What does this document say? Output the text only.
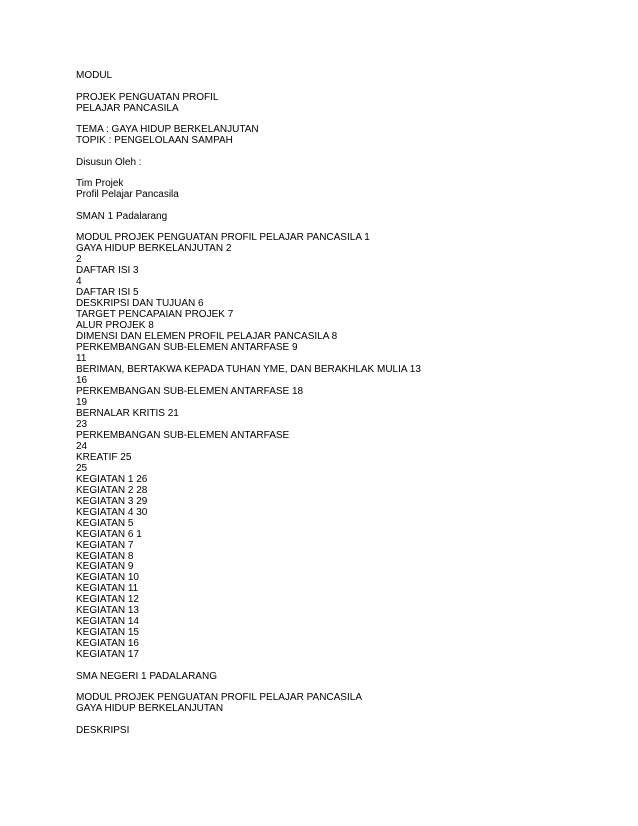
MODUL
PROJEK PENGUATAN PROFIL
PELAJAR PANCASILA
TEMA : GAYA HIDUP BERKELANJUTAN
TOPIK : PENGELOLAAN SAMPAH
Disusun Oleh :
Tim Projek
Profil Pelajar Pancasila
SMAN 1 Padalarang
MODUL PROJEK PENGUATAN PROFIL PELAJAR PANCASILA 1
GAYA HIDUP BERKELANJUTAN 2
2
DAFTAR ISI 3
4
DAFTAR ISI 5
DESKRIPSI DAN TUJUAN 6
TARGET PENCAPAIAN PROJEK 7
ALUR PROJEK 8
DIMENSI DAN ELEMEN PROFIL PELAJAR PANCASILA 8
PERKEMBANGAN SUB-ELEMEN ANTARFASE 9
11
BERIMAN, BERTAKWA KEPADA TUHAN YME, DAN BERAKHLAK MULIA 13
16
PERKEMBANGAN SUB-ELEMEN ANTARFASE 18
19
BERNALAR KRITIS 21
23
PERKEMBANGAN SUB-ELEMEN ANTARFASE
24
KREATIF 25
25
KEGIATAN 1 26
KEGIATAN 2 28
KEGIATAN 3 29
KEGIATAN 4 30
KEGIATAN 5
KEGIATAN 6 1
KEGIATAN 7
KEGIATAN 8
KEGIATAN 9
KEGIATAN 10
KEGIATAN 11
KEGIATAN 12
KEGIATAN 13
KEGIATAN 14
KEGIATAN 15
KEGIATAN 16
KEGIATAN 17
SMA NEGERI 1 PADALARANG
MODUL PROJEK PENGUATAN PROFIL PELAJAR PANCASILA
GAYA HIDUP BERKELANJUTAN
DESKRIPSI
